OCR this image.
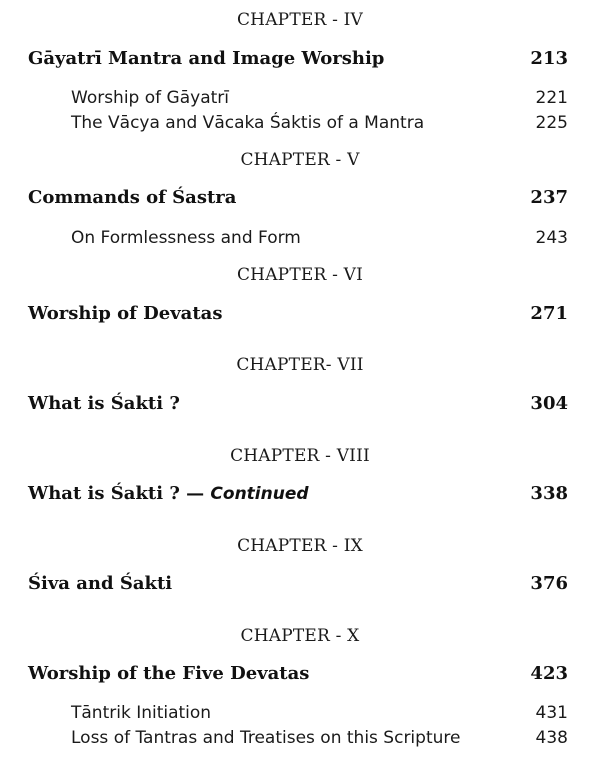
CHAPTER - IV
Gāyatrī Mantra and Image Worship	213
Worship of Gāyatrī	221
The Vācya and Vācaka Śaktis of a Mantra	225
CHAPTER - V
Commands of Śastra	237
On Formlessness and Form	243
CHAPTER - VI
Worship of Devatas	271
CHAPTER- VII
What is Śakti ?	304
CHAPTER - VIII
What is Śakti ? — Continued	338
CHAPTER - IX
Śiva and Śakti	376
CHAPTER - X
Worship of the Five Devatas	423
Tāntrik Initiation	431
Loss of Tantras and Treatises on this Scripture	438
